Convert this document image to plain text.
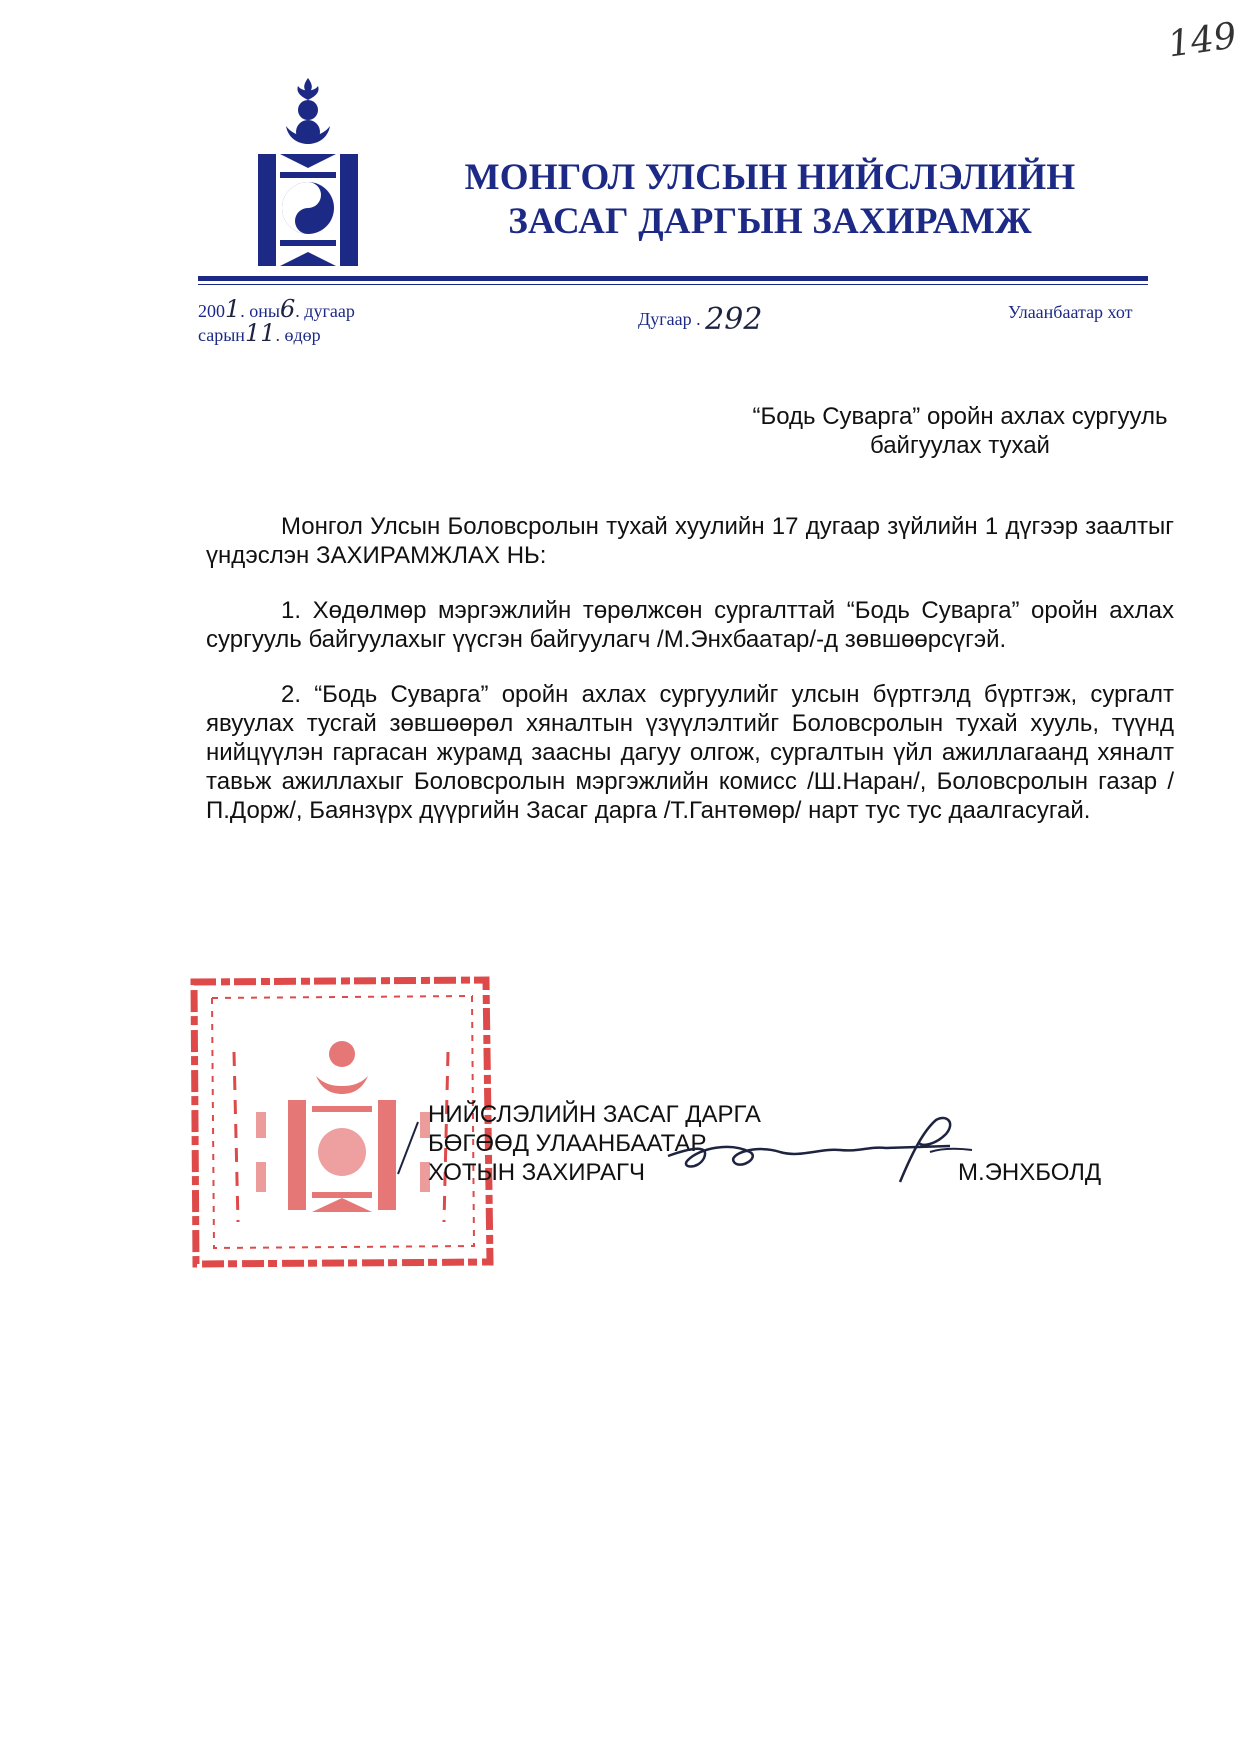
149
МОНГОЛ УЛСЫН НИЙСЛЭЛИЙН
ЗАСАГ ДАРГЫН ЗАХИРАМЖ
2001. оны6. дугаар
сарын11. өдөр
Дугаар . 292	Улаанбаатар хот
“Бодь Суварга” оройн ахлах сургууль
байгуулах тухай

Монгол Улсын Боловсролын тухай хуулийн 17 дугаар зүйлийн 1 дүгээр заалтыг үндэслэн ЗАХИРАМЖЛАХ НЬ:

1. Хөдөлмөр мэргэжлийн төрөлжсөн сургалттай “Бодь Суварга” оройн ахлах сургууль байгуулахыг үүсгэн байгуулагч /М.Энхбаатар/-д зөвшөөрсүгэй.

2. “Бодь Суварга” оройн ахлах сургуулийг улсын бүртгэлд бүртгэж, сургалт явуулах тусгай зөвшөөрөл хяналтын үзүүлэлтийг Боловсролын тухай хууль, түүнд нийцүүлэн гаргасан журамд заасны дагуу олгож, сургалтын үйл ажиллагаанд хяналт тавьж ажиллахыг Боловсролын мэргэжлийн комисс /Ш.Наран/, Боловсролын газар /П.Дорж/, Баянзүрх дүүргийн Засаг дарга /Т.Гантөмөр/ нарт тус тус даалгасугай.

НИЙСЛЭЛИЙН ЗАСАГ ДАРГА
БӨГӨӨД УЛААНБААТАР
ХОТЫН ЗАХИРАГЧ	М.ЭНХБОЛД
